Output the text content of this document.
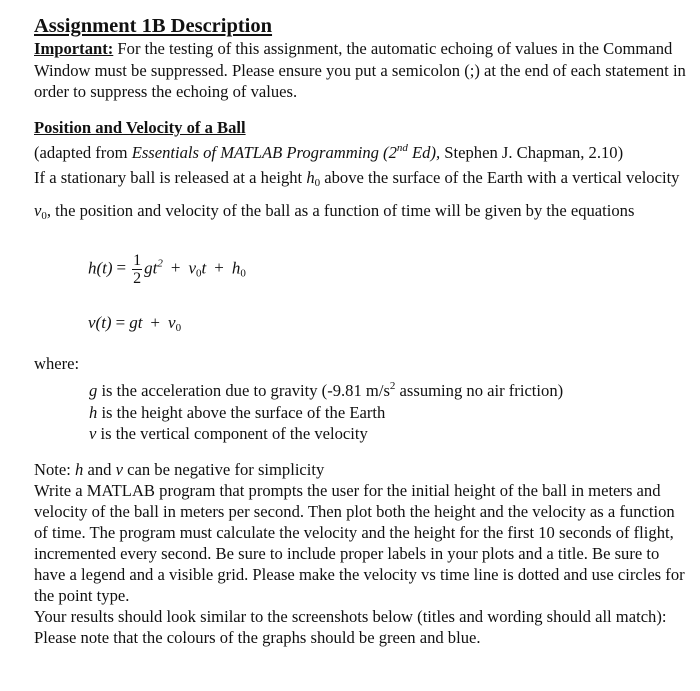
Assignment 1B Description

Important: For the testing of this assignment, the automatic echoing of values in the Command Window must be suppressed. Please ensure you put a semicolon (;) at the end of each statement in order to suppress the echoing of values.

Position and Velocity of a Ball

(adapted from Essentials of MATLAB Programming (2nd Ed), Stephen J. Chapman, 2.10)

If a stationary ball is released at a height $h_0$ above the surface of the Earth with a vertical velocity $v_0$, the position and velocity of the ball as a function of time will be given by the equations

$h(t) = \frac{1}{2} gt^2 + v_0t + h_0$
v(t) = gt + $v_0$

where:

g is the acceleration due to gravity (-9.81 $m/s^2$ assuming no air friction)
h is the height above the surface of the Earth
v is the vertical component of the velocity
Note: h and v can be negative for simplicity
Write a MATLAB program that prompts the user for the initial height of the ball in meters and velocity of the ball in meters per second. Then plot both the height and the velocity as a function of time. The program must calculate the velocity and the height for the first 10 seconds of flight, incremented every second. Be sure to include proper labels in your plots and a title. Be sure to have a legend and a visible grid. Please make the velocity vs time line is dotted and use circles for the point type.
Your results should look similar to the screenshots below (titles and wording should all match):
Please note that the colours of the graphs should be green and blue.
